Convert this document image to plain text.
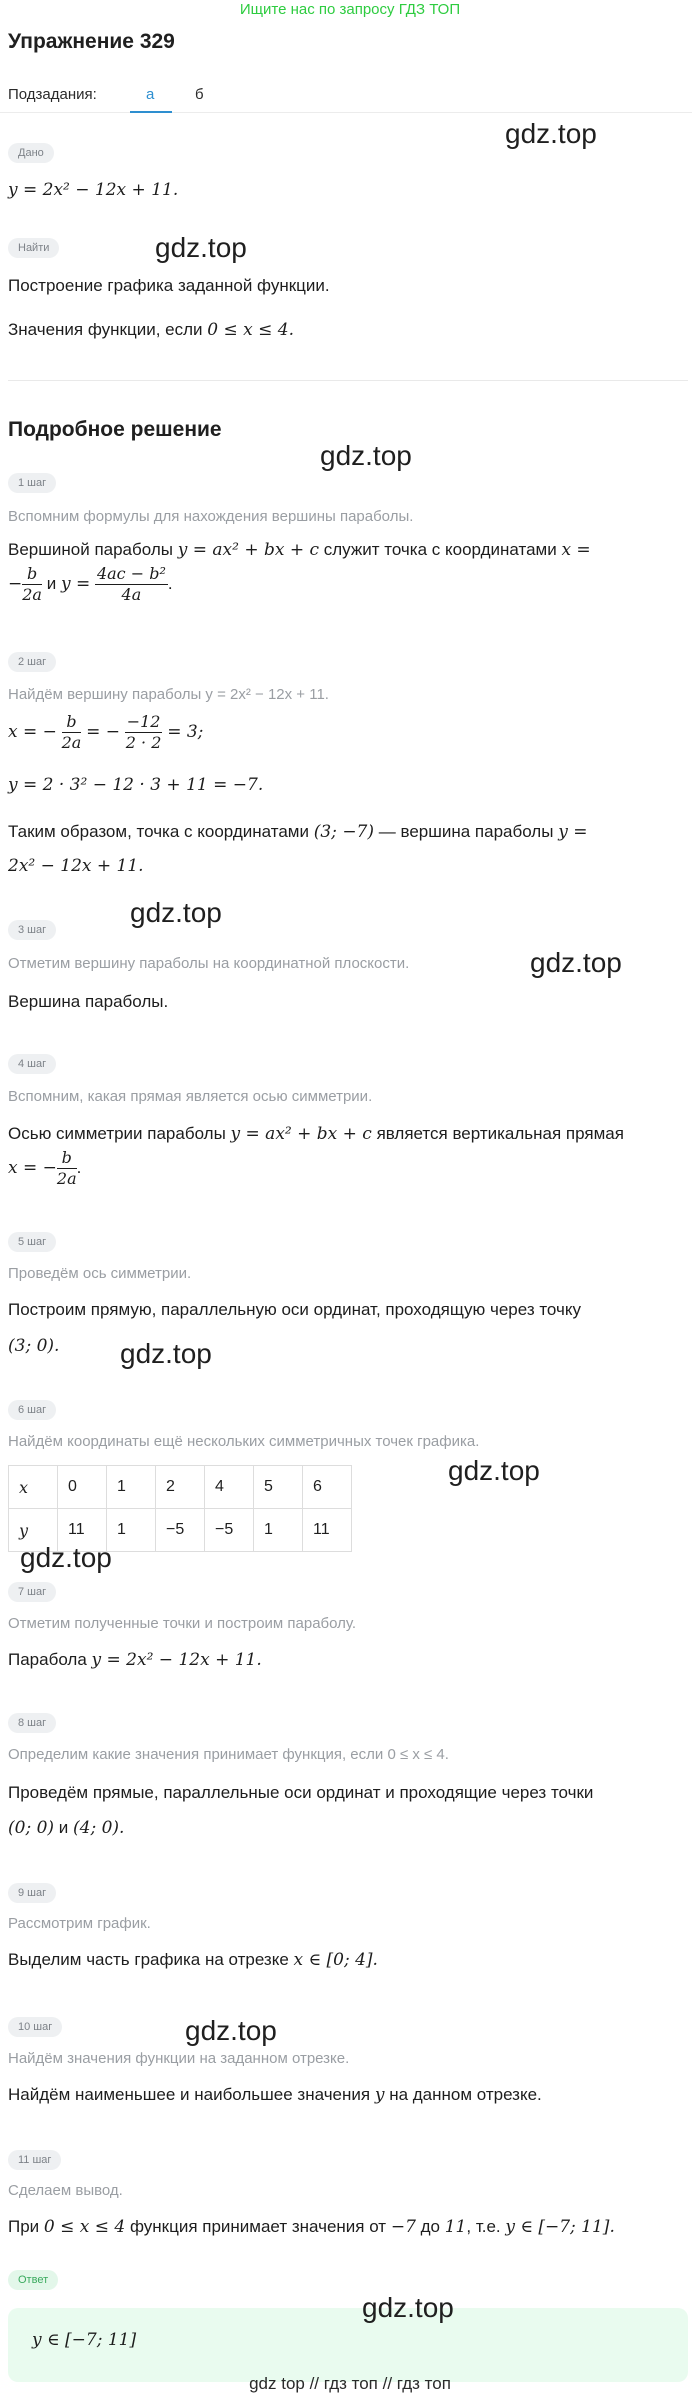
Ищите нас по запросу ГДЗ ТОП
Упражнение 329
Подзадания:	а	б
Дано
y = 2x² − 12x + 11.
Найти
Построение графика заданной функции.
Значения функции, если 0 ≤ x ≤ 4.
Подробное решение
1 шаг
Вспомним формулы для нахождения вершины параболы.
Вершиной параболы y = ax² + bx + c служит точка с координатами x =
− $\frac{b}{2a}$ и $y = \frac{\text{4ac − b²}}{4a}$ .
2 шаг
Найдём вершину параболы y = 2x² − 12x + 11.
x = − $\frac{b}{2a}$ = − $\frac{-12}{2 \cdot 2} = 3$;
y = 2 · 3² − 12 · 3 + 11 = −7.
Таким образом, точка с координатами (3; −7) — вершина параболы y =
2x² − 12x + 11.
3 шаг
Отметим вершину параболы на координатной плоскости.
Вершина параболы.
4 шаг
Вспомним, какая прямая является осью симметрии.
Осью симметрии параболы y = ax² + bx + c является вертикальная прямая
x = − $\frac{b}{2a}$ .
5 шаг
Проведём ось симметрии.
Построим прямую, параллельную оси ординат, проходящую через точку
(3; 0).
6 шаг
Найдём координаты ещё нескольких симметричных точек графика.
x	0	1	2	4	5	6
y	11	1	−5	−5	1	11
7 шаг
Отметим полученные точки и построим параболу.
Парабола y = 2x² − 12x + 11.
8 шаг
Определим какие значения принимает функция, если 0 ≤ x ≤ 4.
Проведём прямые, параллельные оси ординат и проходящие через точки
(0; 0) и (4; 0).
9 шаг
Рассмотрим график.
Выделим часть графика на отрезке x ∈ [0; 4].
10 шаг
Найдём значения функции на заданном отрезке.
Найдём наименьшее и наибольшее значения y на данном отрезке.
11 шаг
Сделаем вывод.
При 0 ≤ x ≤ 4 функция принимает значения от −7 до 11, т.е. y ∈ [−7; 11].
Ответ
y ∈ [−7; 11]
gdz.top
gdz.top
gdz.top
gdz.top
gdz.top
gdz.top
gdz.top
gdz.top
gdz.top
gdz.top
gdz top // гдз топ // гдз топ
